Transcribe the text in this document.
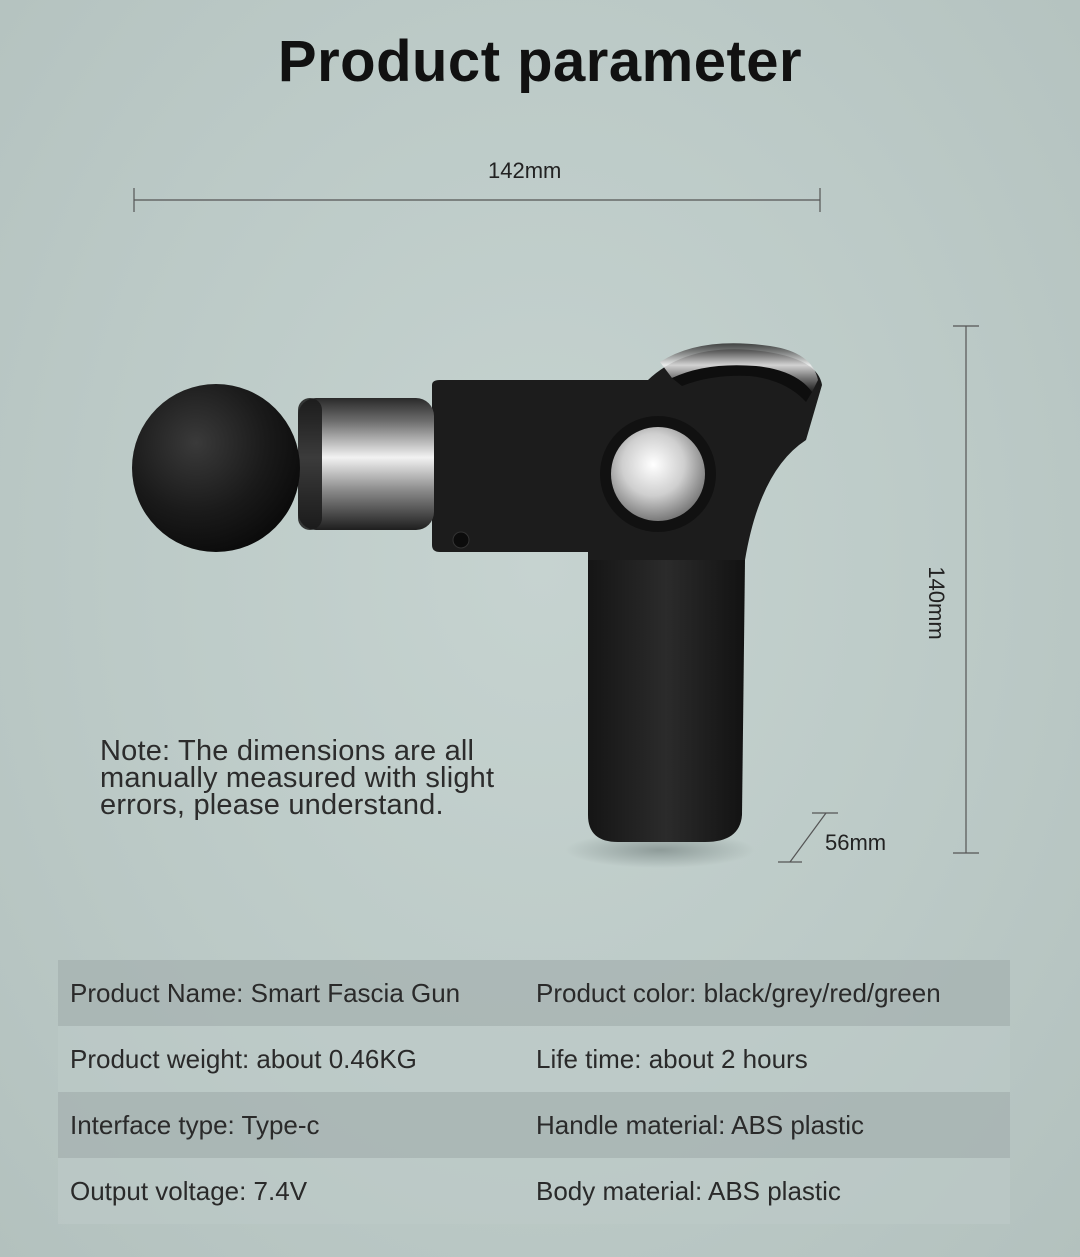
Product parameter
142mm
140mm
56mm
Note: The dimensions are all manually measured with slight errors, please understand.
Product Name: Smart Fascia Gun	Product color: black/grey/red/green
Product weight: about 0.46KG	Life time: about 2 hours
Interface type: Type-c	Handle material: ABS plastic
Output voltage: 7.4V	Body material: ABS plastic
